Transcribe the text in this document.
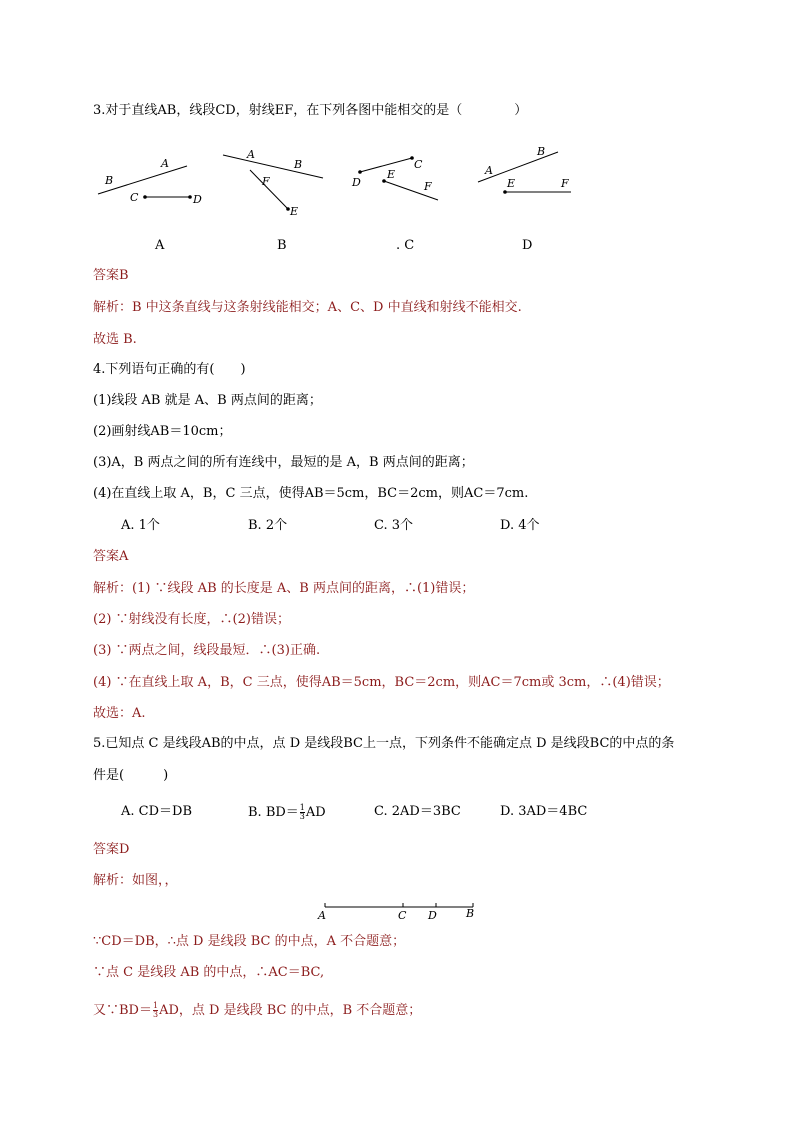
3.对于直线AB，线段CD，射线EF，在下列各图中能相交的是（　　　　）
A
B
C	D
A
B
F
E
D
C
E
F
A
B
E	F
A	B	. C	D
答案B
解析：B 中这条直线与这条射线能相交；A、C、D 中直线和射线不能相交.
故选 B.
4.下列语句正确的有(　　)
(1)线段 AB 就是 A、B 两点间的距离；
(2)画射线AB＝10cm；
(3)A，B 两点之间的所有连线中，最短的是 A，B 两点间的距离；
(4)在直线上取 A，B，C 三点，使得AB＝5cm，BC＝2cm，则AC＝7cm.
A. 1个	B. 2个	C. 3个	D. 4个
答案A
解析：(1) ∵线段 AB 的长度是 A、B 两点间的距离，∴(1)错误；
(2) ∵射线没有长度，∴(2)错误；
(3) ∵两点之间，线段最短．∴(3)正确.
(4) ∵在直线上取 A，B，C 三点，使得AB＝5cm，BC＝2cm，则AC＝7cm或 3cm，∴(4)错误；
故选：A.
5.已知点 C 是线段AB的中点，点 D 是线段BC上一点，下列条件不能确定点 D 是线段BC的中点的条
件是(　　　)
A. CD＝DB	B. $BD= \frac{1}{3}$ AD	C. 2AD＝3BC	D. 3AD＝4BC
答案D
解析：如图，，
A	C D	B
∵CD＝DB，∴点 D 是线段 BC 的中点，A 不合题意；
∵点 C 是线段 AB 的中点，∴AC＝BC,
又∵BD＝ $\frac{1}{3}$ AD，点 D 是线段 BC 的中点，B 不合题意；
